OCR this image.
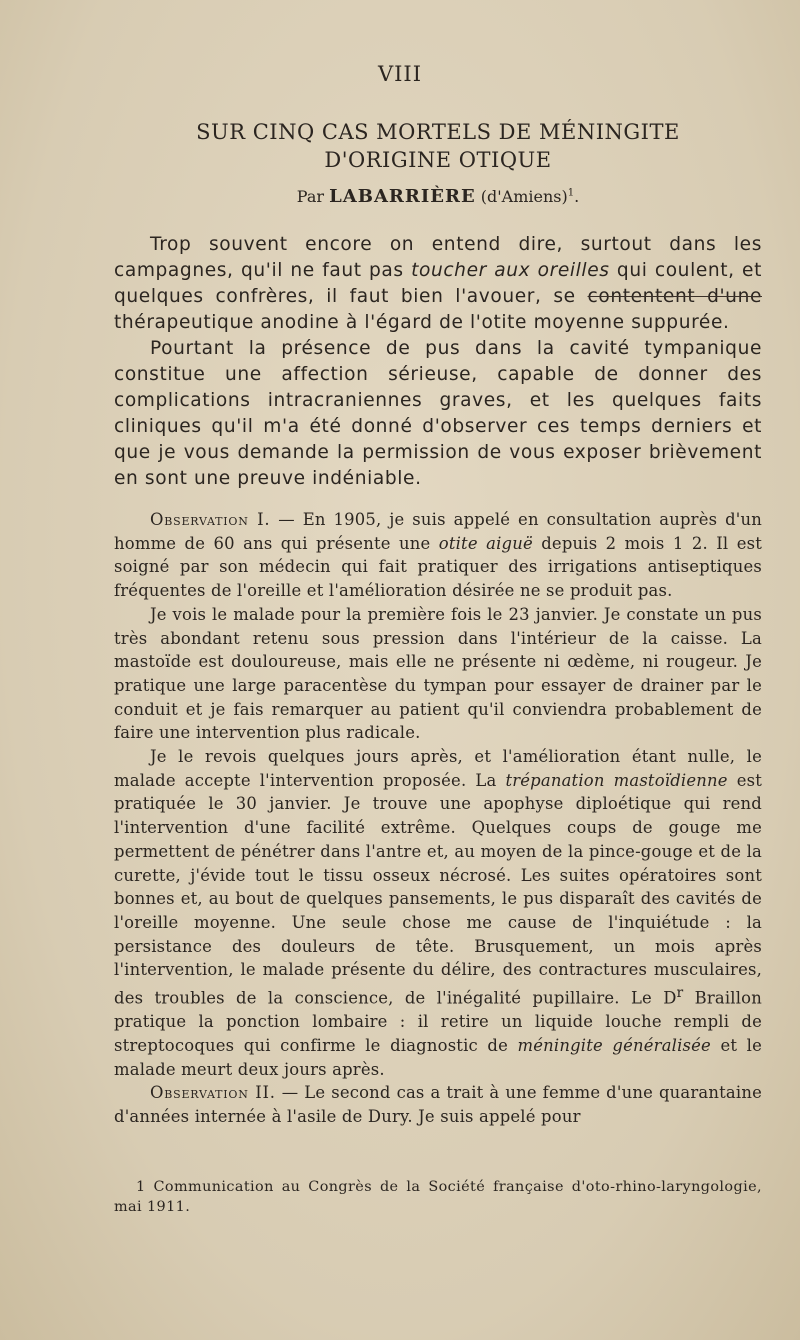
VIII
SUR CINQ CAS MORTELS DE MÉNINGITE
D'ORIGINE OTIQUE
Par LABARRIÈRE (d'Amiens)$^1$.

Trop souvent encore on entend dire, surtout dans les campagnes, qu'il ne faut pas toucher aux oreilles qui coulent, et quelques confrères, il faut bien l'avouer, se contentent d'une thérapeutique anodine à l'égard de l'otite moyenne suppurée.

Pourtant la présence de pus dans la cavité tympanique constitue une affection sérieuse, capable de donner des complications intracraniennes graves, et les quelques faits cliniques qu'il m'a été donné d'observer ces temps derniers et que je vous demande la permission de vous exposer brièvement en sont une preuve indéniable.

Observation I. — En 1905, je suis appelé en consultation auprès d'un homme de 60 ans qui présente une otite aiguë depuis 2 mois 1 2. Il est soigné par son médecin qui fait pratiquer des irrigations antiseptiques fréquentes de l'oreille et l'amélioration désirée ne se produit pas.

Je vois le malade pour la première fois le 23 janvier. Je constate un pus très abondant retenu sous pression dans l'intérieur de la caisse. La mastoïde est douloureuse, mais elle ne présente ni œdème, ni rougeur. Je pratique une large paracentèse du tympan pour essayer de drainer par le conduit et je fais remarquer au patient qu'il conviendra probablement de faire une intervention plus radicale.

Je le revois quelques jours après, et l'amélioration étant nulle, le malade accepte l'intervention proposée. La trépanation mastoïdienne est pratiquée le 30 janvier. Je trouve une apophyse diploétique qui rend l'intervention d'une facilité extrême. Quelques coups de gouge me permettent de pénétrer dans l'antre et, au moyen de la pince-gouge et de la curette, j'évide tout le tissu osseux nécrosé. Les suites opératoires sont bonnes et, au bout de quelques pansements, le pus disparaît des cavités de l'oreille moyenne. Une seule chose me cause de l'inquiétude : la persistance des douleurs de tête. Brusquement, un mois après l'intervention, le malade présente du délire, des contractures musculaires, des troubles de la conscience, de l'inégalité pupillaire. Le $D^r$ Braillon pratique la ponction lombaire : il retire un liquide louche rempli de streptocoques qui confirme le diagnostic de méningite généralisée et le malade meurt deux jours après.

Observation II. — Le second cas a trait à une femme d'une quarantaine d'années internée à l'asile de Dury. Je suis appelé pour

1 Communication au Congrès de la Société française d'oto-rhino-laryngologie, mai 1911.
